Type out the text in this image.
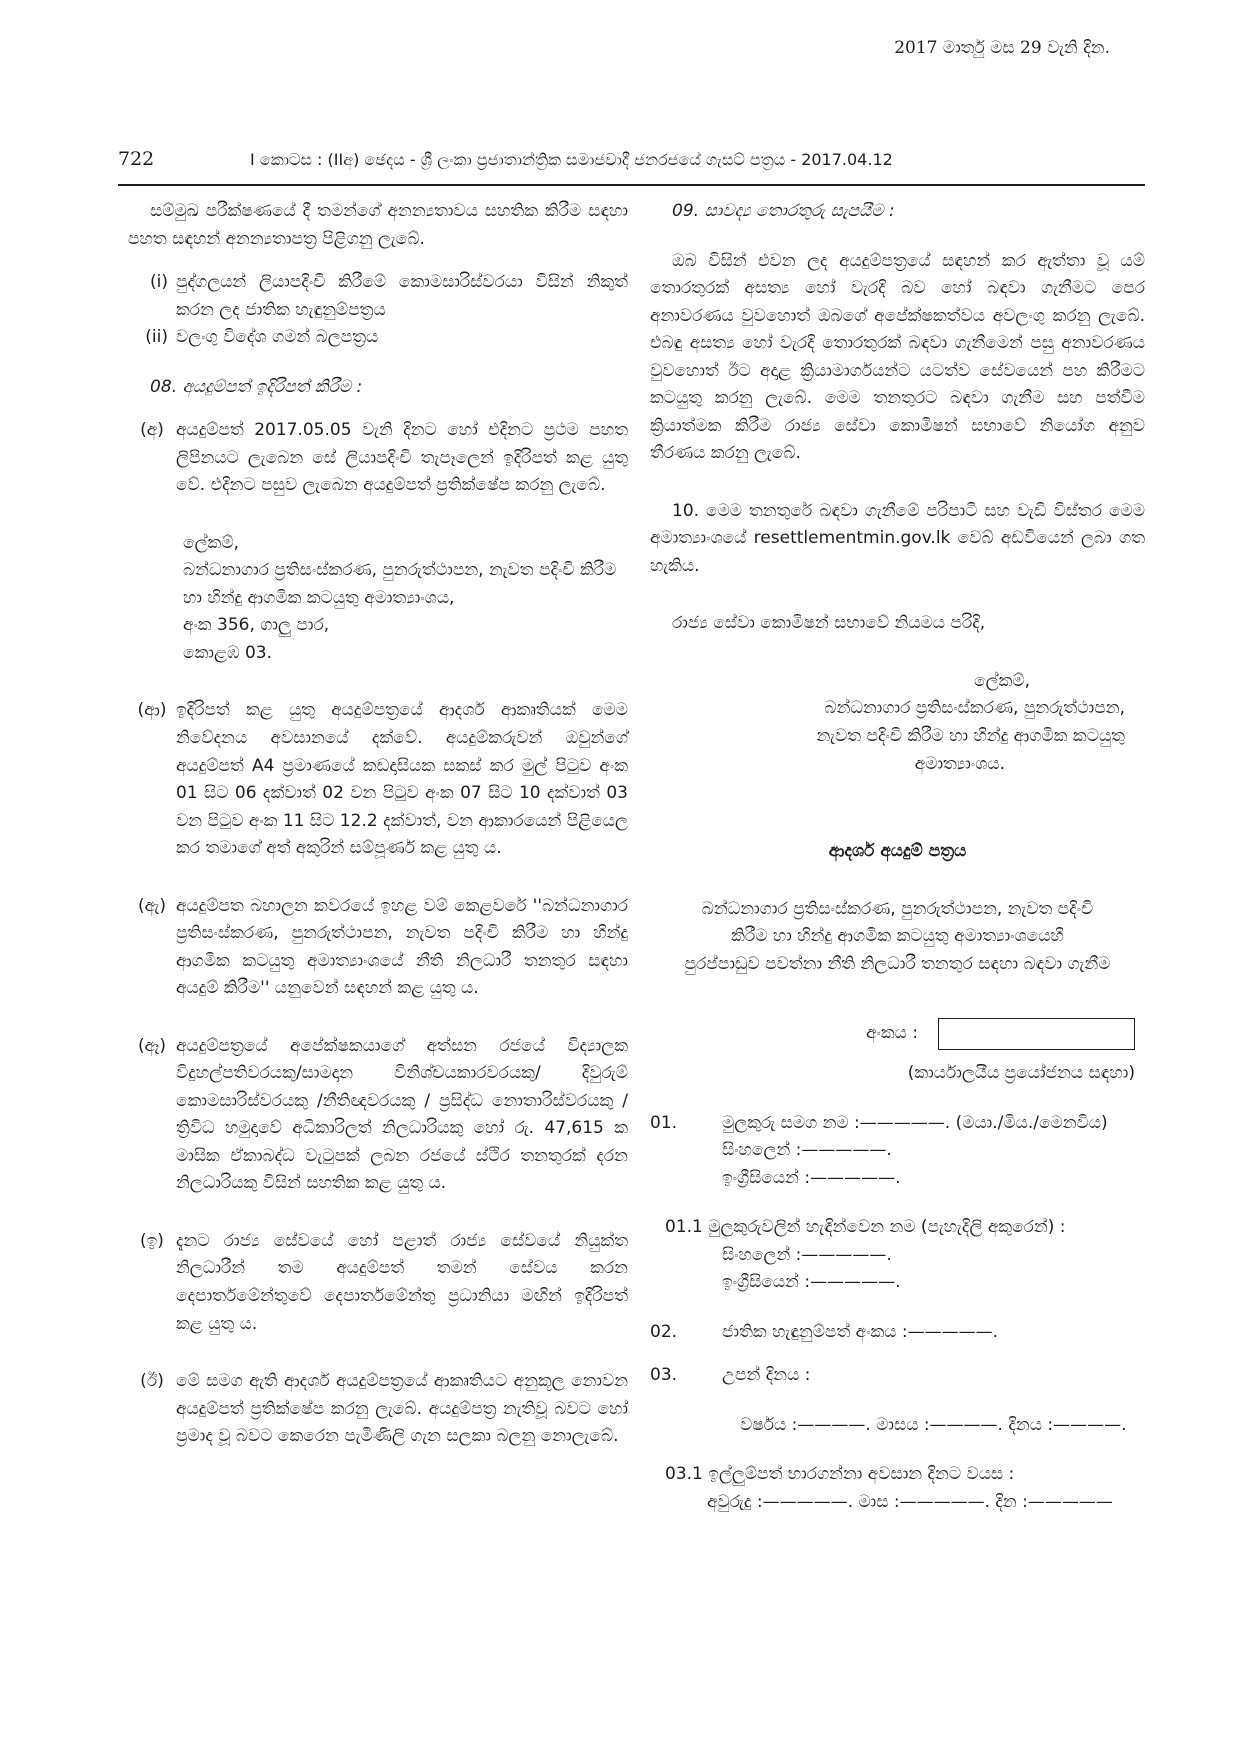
2017 මාර්තු මස 29 වැනි දින.
722	I කොටස : (IIඅ) ඡෙදය - ශ්‍රී ලංකා ප්‍රජාතාන්ත්‍රික සමාජවාදී ජනරජයේ ගැසට් පත්‍රය - 2017.04.12

සම්මුඛ පරීක්ෂණයේ දී තමන්ගේ අනන්‍යතාවය සහතික කිරීම සඳහා පහත සඳහන් අනන්‍යතාපත්‍ර පිළිගනු ලැබේ.

(i) පුද්ගලයන් ලියාපදිංචි කිරීමේ කොමසාරිස්වරයා විසින් නිකුත් කරන ලද ජාතික හැඳුනුම්පත්‍රය
(ii) වලංගු විදේශ ගමන් බලපත්‍රය

08. අයදුම්පත් ඉදිරිපත් කිරීම :

(අ) අයදුම්පත් 2017.05.05 වැනි දිනට හෝ එදිනට ප්‍රථම පහත ලිපිනයට ලැබෙන සේ ලියාපදිංචි තැපෑලෙන් ඉදිරිපත් කළ යුතු වේ. එදිනට පසුව ලැබෙන අයදුම්පත් ප්‍රතික්ෂේප කරනු ලැබේ.

ලේකම්,

බන්ධනාගාර ප්‍රතිසංස්කරණ, පුනරුත්ථාපන, නැවත පදිංචි කිරීම හා හින්දු ආගමික කටයුතු අමාත්‍යාංශය,

අංක 356, ගාලු පාර,

කොළඹ 03.

(ආ) ඉදිරිපත් කළ යුතු අයදුම්පත්‍රයේ ආදර්ශ ආකෘතියක් මෙම නිවේදනය අවසානයේ දක්වේ. අයදුම්කරුවන් ඔවුන්ගේ අයදුම්පත් A4 ප්‍රමාණයේ කඩදාසියක සකස් කර මුල් පිටුව අංක 01 සිට 06 දක්වාත් 02 වන පිටුව අංක 07 සිට 10 දක්වාත් 03 වන පිටුව අංක 11 සිට 12.2 දක්වාත්, වන ආකාරයෙන් පිළියෙල කර තමාගේ අත් අකුරින් සම්පූර්ණ කළ යුතු ය.
(ඇ) අයදුම්පත බහාලන කවරයේ ඉහළ වම් කෙළවරේ ''බන්ධනාගාර ප්‍රතිසංස්කරණ, පුනරුත්ථාපන, නැවත පදිංචි කිරීම හා හින්දු ආගමික කටයුතු අමාත්‍යාංශයේ නීති නිලධාරී තනතුර සඳහා අයදුම් කිරීම'' යනුවෙන් සඳහන් කළ යුතු ය.
(ඈ) අයදුම්පත්‍රයේ අපේක්ෂකයාගේ අත්සන රජයේ විද්‍යාලක විදුහල්පතිවරයකු/සාමදාන විනිශ්චයකාරවරයකු/ දිවුරුම් කොමසාරිස්වරයකු /නීතිඥවරයකු / ප්‍රසිද්ධ නොතාරිස්වරයකු / ත්‍රිවිධ හමුදාවේ අධිකාරිලත් නිලධාරියකු හෝ රු. 47,615 ක මාසික ඒකාබද්ධ වැටුපක් ලබන රජයේ ස්ථිර තනතුරක් දරන නිලධාරියකු විසින් සහතික කළ යුතු ය.
(ඉ) දැනට රාජ්‍ය සේවයේ හෝ පළාත් රාජ්‍ය සේවයේ නියුක්ත නිලධාරීන් තම අයදුම්පත් තමන් සේවය කරන දෙපාර්තමේන්තුවේ දෙපාර්තමේන්තු ප්‍රධානියා මඟින් ඉදිරිපත් කළ යුතු ය.
(ඊ) මේ සමග ඇති ආදර්ශ අයදුම්පත්‍රයේ ආකෘතියට අනුකූල නොවන අයදුම්පත් ප්‍රතික්ෂේප කරනු ලැබේ. අයදුම්පත්‍ර නැතිවූ බවට හෝ ප්‍රමාද වූ බවට කෙරෙන පැමිණිලි ගැන සලකා බලනු නොලැබේ.

09. සාවද්‍ය තොරතුරු සැපයීම :

ඔබ විසින් එවන ලද අයදුම්පත්‍රයේ සඳහන් කර ඇත්තා වූ යම් තොරතුරක් අසත්‍ය හෝ වැරදි බව හෝ බඳවා ගැනීමට පෙර අනාවරණය වුවහොත් ඔබගේ අපේක්ෂකත්වය අවලංගු කරනු ලැබේ. එබඳු අසත්‍ය හෝ වැරදි තොරතුරක් බඳවා ගැනීමෙන් පසු අනාවරණය වුවහොත් ඊට අදාළ ක්‍රියාමාර්ගයන්ට යටත්ව සේවයෙන් පහ කිරීමට කටයුතු කරනු ලැබේ. මෙම තනතුරට බඳවා ගැනීම සහ පත්වීම ක්‍රියාත්මක කිරීම රාජ්‍ය සේවා කොමිෂන් සභාවේ නියෝග අනුව තීරණය කරනු ලැබේ.

10. මෙම තනතුරේ බඳවා ගැනීමේ පරිපාටි සහ වැඩි විස්තර මෙම අමාත්‍යාංශයේ resettlementmin.gov.lk වෙබ් අඩවියෙන් ලබා ගත හැකිය.

රාජ්‍ය සේවා කොමිෂන් සභාවේ නියමය පරිදි,

ලේකම්,

බන්ධනාගාර ප්‍රතිසංස්කරණ, පුනරුත්ථාපන,

නැවත පදිංචි කිරීම හා හින්දු ආගමික කටයුතු

අමාත්‍යාංශය.

ආදර්ශ අයදුම් පත්‍රය

බන්ධනාගාර ප්‍රතිසංස්කරණ, පුනරුත්ථාපන, නැවත පදිංචි

කිරීම හා හින්දු ආගමික කටයුතු අමාත්‍යාංශයෙහි

පුරප්පාඩුව පවත්නා නීති නිලධාරී තනතුර සඳහා බඳවා ගැනීම

අංකය :

(කාර්යාලයීය ප්‍රයෝජනය සඳහා)

01.	මුලකුරු සමග නම :—————. (මයා./මිය./මෙනවිය)

සිංහලෙන් :—————.

ඉංග්‍රීසියෙන් :—————.

01.1 මුලකුරුවලින් හැඳින්වෙන නම (පැහැදිලි අකුරෙන්) :

සිංහලෙන් :—————.

ඉංග්‍රීසියෙන් :—————.

02.	ජාතික හැඳුනුම්පත් අංකය :—————.

03.	උපන් දිනය :

වර්ෂය :————. මාසය :————. දිනය :————.

03.1 ඉල්ලුම්පත් භාරගන්නා අවසාන දිනට වයස :

අවුරුදු :—————. මාස :—————. දින :—————
